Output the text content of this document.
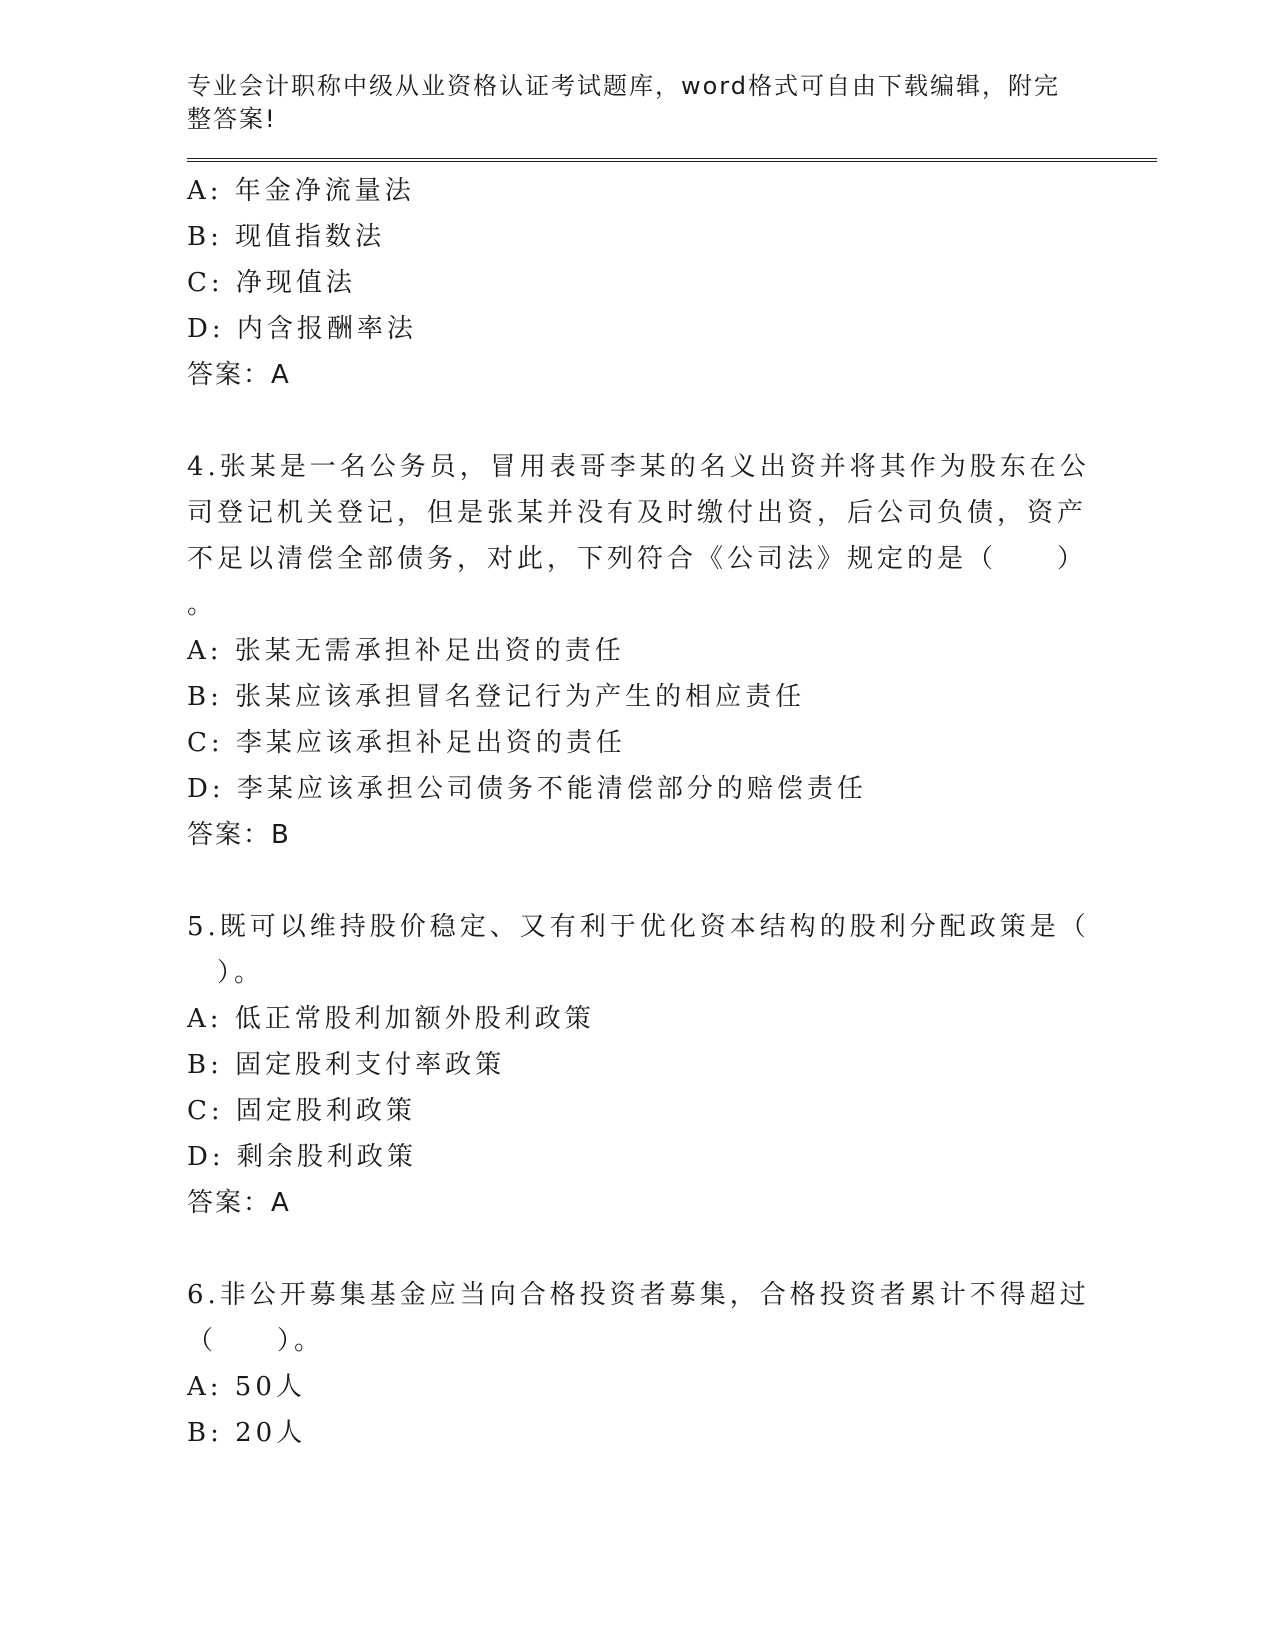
专业会计职称中级从业资格认证考试题库，word格式可自由下载编辑，附完整答案!
A: 年金净流量法
B: 现值指数法
C: 净现值法
D: 内含报酬率法
答案：A
4.张某是一名公务员，冒用表哥李某的名义出资并将其作为股东在公
司登记机关登记，但是张某并没有及时缴付出资，后公司负债，资产
不足以清偿全部债务，对此，下列符合《公司法》规定的是（　　）
。
A: 张某无需承担补足出资的责任
B: 张某应该承担冒名登记行为产生的相应责任
C: 李某应该承担补足出资的责任
D: 李某应该承担公司债务不能清偿部分的赔偿责任
答案：B
5.既可以维持股价稳定、又有利于优化资本结构的股利分配政策是（
　）。
A: 低正常股利加额外股利政策
B: 固定股利支付率政策
C: 固定股利政策
D: 剩余股利政策
答案：A
6.非公开募集基金应当向合格投资者募集，合格投资者累计不得超过
（　　）。
A: 50人
B: 20人
